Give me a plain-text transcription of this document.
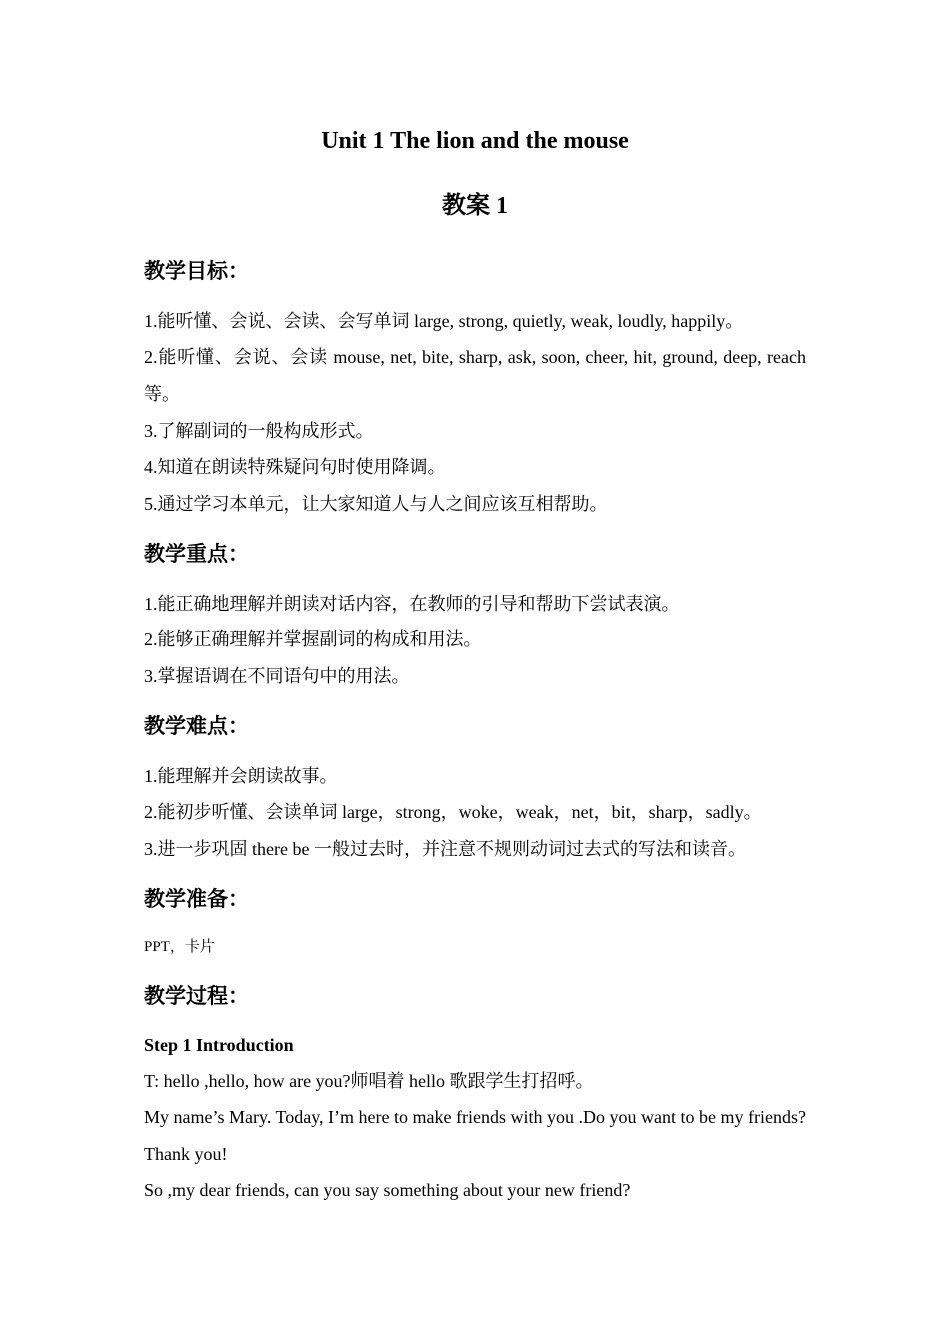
Unit 1 The lion and the mouse
教案 1
教学目标：

1.能听懂、会说、会读、会写单词 large, strong, quietly, weak, loudly, happily。

2.能听懂、会说、会读 mouse, net, bite, sharp, ask, soon, cheer, hit, ground, deep, reach 等。

3.了解副词的一般构成形式。

4.知道在朗读特殊疑问句时使用降调。

5.通过学习本单元，让大家知道人与人之间应该互相帮助。

教学重点：

1.能正确地理解并朗读对话内容，在教师的引导和帮助下尝试表演。

2.能够正确理解并掌握副词的构成和用法。

3.掌握语调在不同语句中的用法。

教学难点：

1.能理解并会朗读故事。

2.能初步听懂、会读单词 large，strong，woke，weak，net，bit，sharp，sadly。

3.进一步巩固 there be 一般过去时，并注意不规则动词过去式的写法和读音。

教学准备：

PPT，卡片

教学过程：

Step 1 Introduction

T: hello ,hello, how are you?师唱着 hello 歌跟学生打招呼。

My name’s Mary. Today, I’m here to make friends with you .Do you want to be my friends? Thank you!

So ,my dear friends, can you say something about your new friend?
